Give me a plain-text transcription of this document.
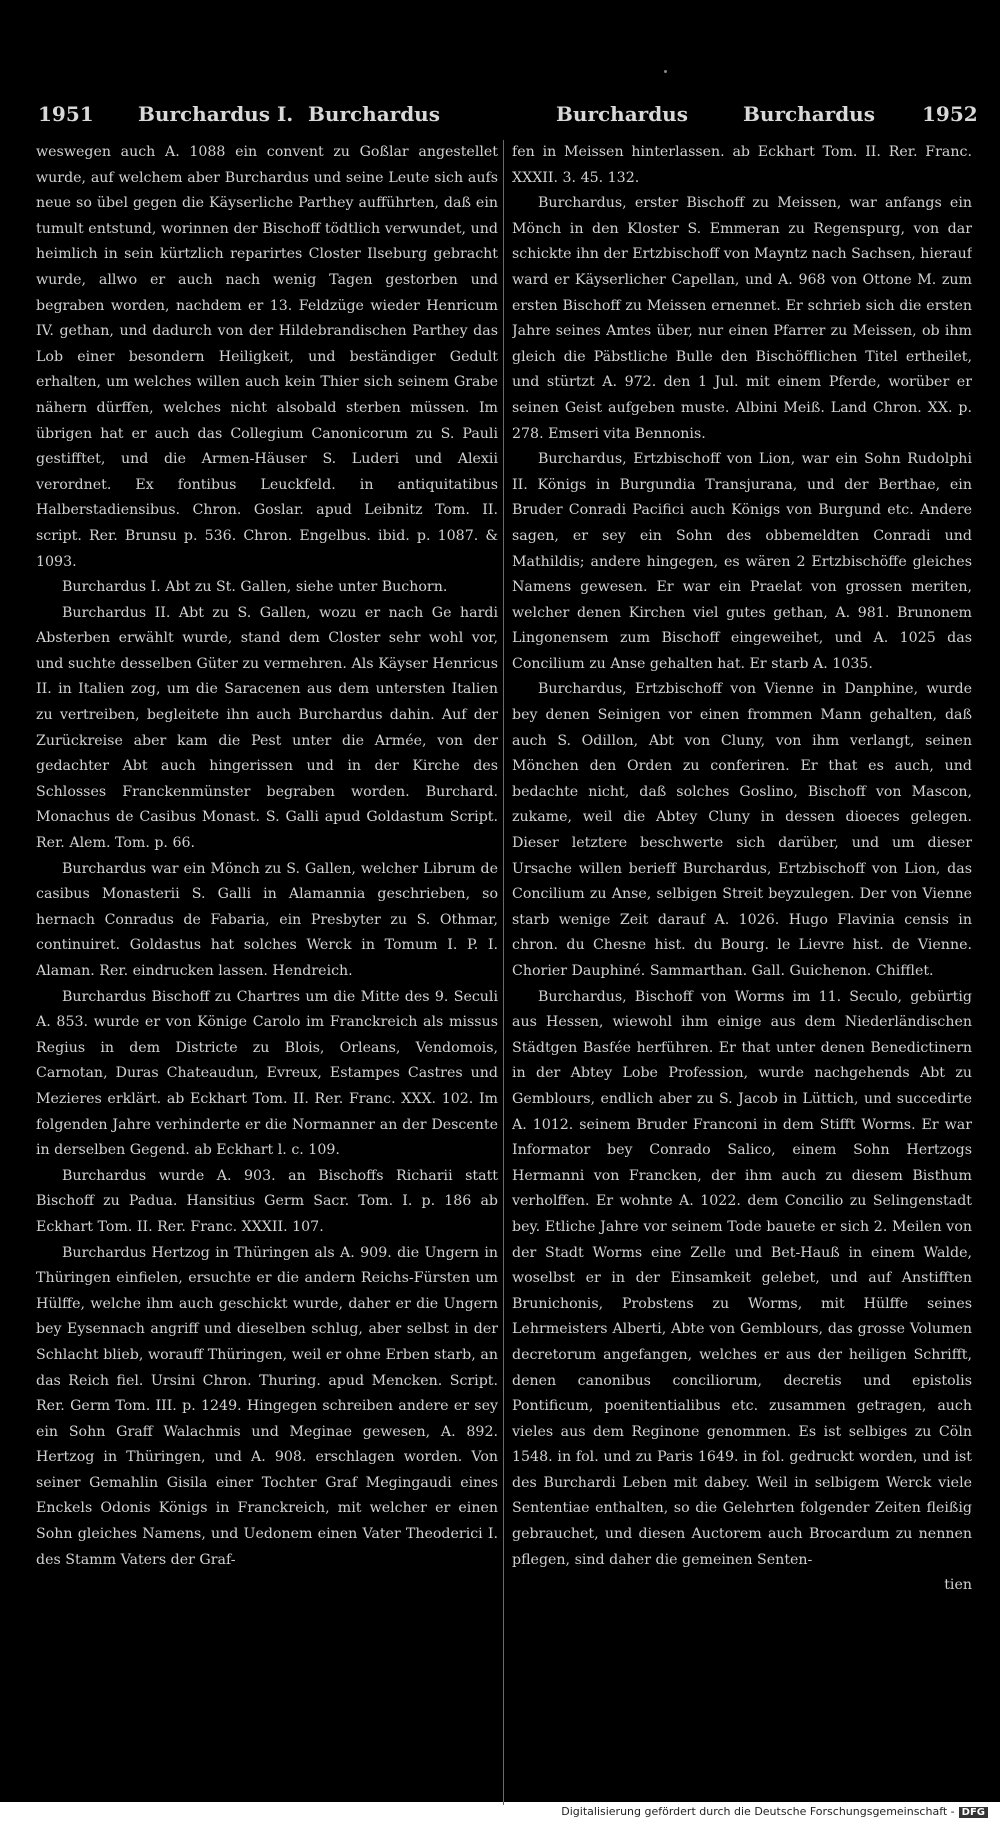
1951 Burchardus I. Burchardus	Burchardus	Burchardus 1952

weswegen auch A. 1088 ein convent zu Goßlar angestellet wurde, auf welchem aber Burchardus und seine Leute sich aufs neue so übel gegen die Käyserliche Parthey aufführten, daß ein tumult entstund, worinnen der Bischoff tödtlich verwundet, und heimlich in sein kürtzlich reparirtes Closter Ilseburg gebracht wurde, allwo er auch nach wenig Tagen gestorben und begraben worden, nachdem er 13. Feldzüge wieder Henricum IV. gethan, und dadurch von der Hildebrandischen Parthey das Lob einer besondern Heiligkeit, und beständiger Gedult erhalten, um welches willen auch kein Thier sich seinem Grabe nähern dürffen, welches nicht alsobald sterben müssen. Im übrigen hat er auch das Collegium Canonicorum zu S. Pauli gestifftet, und die Armen-Häuser S. Luderi und Alexii verordnet. Ex fontibus Leuckfeld. in antiquitatibus Halberstadiensibus. Chron. Goslar. apud Leibnitz Tom. II. script. Rer. Brunsu p. 536. Chron. Engelbus. ibid. p. 1087. & 1093.

Burchardus I. Abt zu St. Gallen, siehe unter Buchorn.

Burchardus II. Abt zu S. Gallen, wozu er nach Ge hardi Absterben erwählt wurde, stand dem Closter sehr wohl vor, und suchte desselben Güter zu vermehren. Als Käyser Henricus II. in Italien zog, um die Saracenen aus dem untersten Italien zu vertreiben, begleitete ihn auch Burchardus dahin. Auf der Zurückreise aber kam die Pest unter die Armée, von der gedachter Abt auch hingerissen und in der Kirche des Schlosses Franckenmünster begraben worden. Burchard. Monachus de Casibus Monast. S. Galli apud Goldastum Script. Rer. Alem. Tom. p. 66.

Burchardus war ein Mönch zu S. Gallen, welcher Librum de casibus Monasterii S. Galli in Alamannia geschrieben, so hernach Conradus de Fabaria, ein Presbyter zu S. Othmar, continuiret. Goldastus hat solches Werck in Tomum I. P. I. Alaman. Rer. eindrucken lassen. Hendreich.

Burchardus Bischoff zu Chartres um die Mitte des 9. Seculi A. 853. wurde er von Könige Carolo im Franckreich als missus Regius in dem Districte zu Blois, Orleans, Vendomois, Carnotan, Duras Chateaudun, Evreux, Estampes Castres und Mezieres erklärt. ab Eckhart Tom. II. Rer. Franc. XXX. 102. Im folgenden Jahre verhinderte er die Normanner an der Descente in derselben Gegend. ab Eckhart l. c. 109.

Burchardus wurde A. 903. an Bischoffs Richarii statt Bischoff zu Padua. Hansitius Germ Sacr. Tom. I. p. 186 ab Eckhart Tom. II. Rer. Franc. XXXII. 107.

Burchardus Hertzog in Thüringen als A. 909. die Ungern in Thüringen einfielen, ersuchte er die andern Reichs-Fürsten um Hülffe, welche ihm auch geschickt wurde, daher er die Ungern bey Eysennach angriff und dieselben schlug, aber selbst in der Schlacht blieb, worauff Thüringen, weil er ohne Erben starb, an das Reich fiel. Ursini Chron. Thuring. apud Mencken. Script. Rer. Germ Tom. III. p. 1249. Hingegen schreiben andere er sey ein Sohn Graff Walachmis und Meginae gewesen, A. 892. Hertzog in Thüringen, und A. 908. erschlagen worden. Von seiner Gemahlin Gisila einer Tochter Graf Megingaudi eines Enckels Odonis Königs in Franckreich, mit welcher er einen Sohn gleiches Namens, und Uedonem einen Vater Theoderici I. des Stamm Vaters der Graf-

fen in Meissen hinterlassen. ab Eckhart Tom. II. Rer. Franc. XXXII. 3. 45. 132.

Burchardus, erster Bischoff zu Meissen, war anfangs ein Mönch in den Kloster S. Emmeran zu Regenspurg, von dar schickte ihn der Ertzbischoff von Mayntz nach Sachsen, hierauf ward er Käyserlicher Capellan, und A. 968 von Ottone M. zum ersten Bischoff zu Meissen ernennet. Er schrieb sich die ersten Jahre seines Amtes über, nur einen Pfarrer zu Meissen, ob ihm gleich die Päbstliche Bulle den Bischöfflichen Titel ertheilet, und stürtzt A. 972. den 1 Jul. mit einem Pferde, worüber er seinen Geist aufgeben muste. Albini Meiß. Land Chron. XX. p. 278. Emseri vita Bennonis.

Burchardus, Ertzbischoff von Lion, war ein Sohn Rudolphi II. Königs in Burgundia Transjurana, und der Berthae, ein Bruder Conradi Pacifici auch Königs von Burgund etc. Andere sagen, er sey ein Sohn des obbemeldten Conradi und Mathildis; andere hingegen, es wären 2 Ertzbischöffe gleiches Namens gewesen. Er war ein Praelat von grossen meriten, welcher denen Kirchen viel gutes gethan, A. 981. Brunonem Lingonensem zum Bischoff eingeweihet, und A. 1025 das Concilium zu Anse gehalten hat. Er starb A. 1035.

Burchardus, Ertzbischoff von Vienne in Danphine, wurde bey denen Seinigen vor einen frommen Mann gehalten, daß auch S. Odillon, Abt von Cluny, von ihm verlangt, seinen Mönchen den Orden zu conferiren. Er that es auch, und bedachte nicht, daß solches Goslino, Bischoff von Mascon, zukame, weil die Abtey Cluny in dessen dioeces gelegen. Dieser letztere beschwerte sich darüber, und um dieser Ursache willen berieff Burchardus, Ertzbischoff von Lion, das Concilium zu Anse, selbigen Streit beyzulegen. Der von Vienne starb wenige Zeit darauf A. 1026. Hugo Flavinia censis in chron. du Chesne hist. du Bourg. le Lievre hist. de Vienne. Chorier Dauphiné. Sammarthan. Gall. Guichenon. Chifflet.

Burchardus, Bischoff von Worms im 11. Seculo, gebürtig aus Hessen, wiewohl ihm einige aus dem Niederländischen Städtgen Basfée herführen. Er that unter denen Benedictinern in der Abtey Lobe Profession, wurde nachgehends Abt zu Gemblours, endlich aber zu S. Jacob in Lüttich, und succedirte A. 1012. seinem Bruder Franconi in dem Stifft Worms. Er war Informator bey Conrado Salico, einem Sohn Hertzogs Hermanni von Francken, der ihm auch zu diesem Bisthum verholffen. Er wohnte A. 1022. dem Concilio zu Selingenstadt bey. Etliche Jahre vor seinem Tode bauete er sich 2. Meilen von der Stadt Worms eine Zelle und Bet-Hauß in einem Walde, woselbst er in der Einsamkeit gelebet, und auf Anstifften Brunichonis, Probstens zu Worms, mit Hülffe seines Lehrmeisters Alberti, Abte von Gemblours, das grosse Volumen decretorum angefangen, welches er aus der heiligen Schrifft, denen canonibus conciliorum, decretis und epistolis Pontificum, poenitentialibus etc. zusammen getragen, auch vieles aus dem Reginone genommen. Es ist selbiges zu Cöln 1548. in fol. und zu Paris 1649. in fol. gedruckt worden, und ist des Burchardi Leben mit dabey. Weil in selbigem Werck viele Sententiae enthalten, so die Gelehrten folgender Zeiten fleißig gebrauchet, und diesen Auctorem auch Brocardum zu nennen pflegen, sind daher die gemeinen Senten-

tien

Digitalisierung gefördert durch die Deutsche Forschungsgemeinschaft - DFG
